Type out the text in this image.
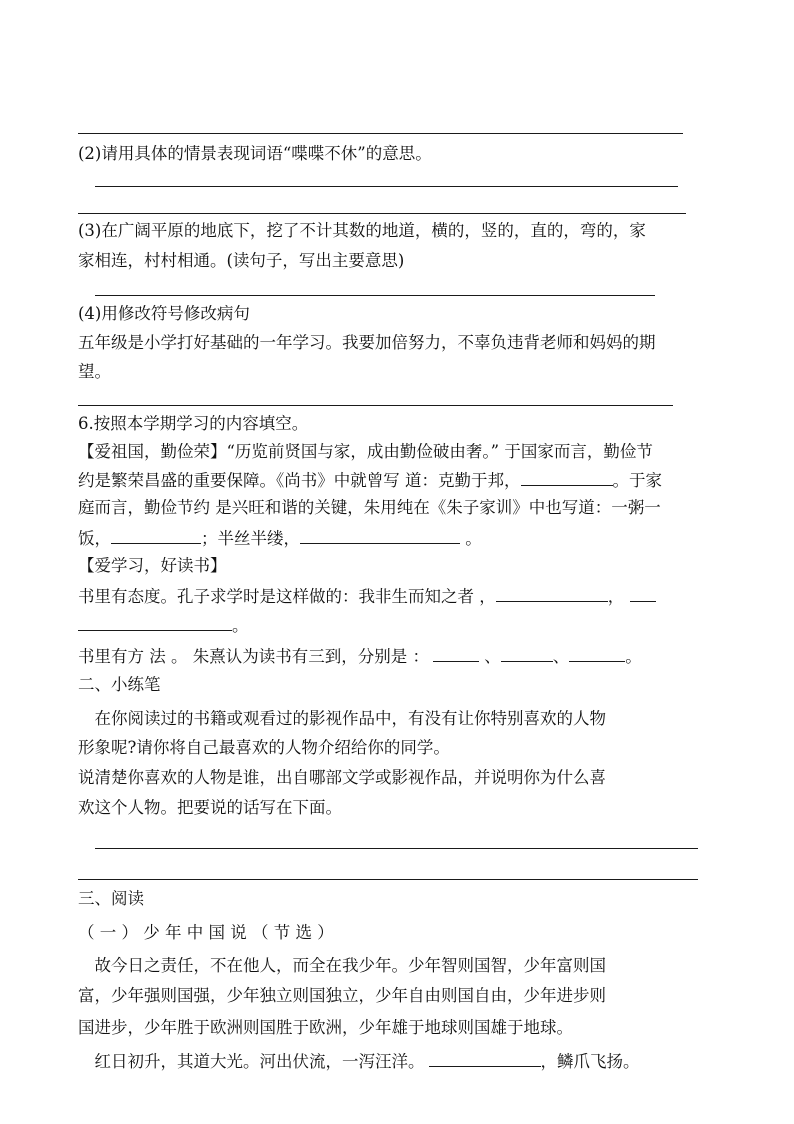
(2)请用具体的情景表现词语“喋喋不休”的意思。
(3)在广阔平原的地底下，挖了不计其数的地道，横的，竖的，直的，弯的，家
家相连，村村相通。(读句子，写出主要意思)
(4)用修改符号修改病句
五年级是小学打好基础的一年学习。我要加倍努力，不辜负违背老师和妈妈的期
望。
6.按照本学期学习的内容填空。
【爱祖国，勤俭荣】“历览前贤国与家，成由勤俭破由奢。” 于国家而言，勤俭节
约是繁荣昌盛的重要保障。《尚书》中就曾写 道：克勤于邦，	。于家
庭而言，勤俭节约 是兴旺和谐的关键，朱用纯在《朱子家训》中也写道：一粥一
饭，	；半丝半缕，	。
【爱学习，好读书】
书里有态度。孔子求学时是这样做的：我非生而知之者 ，	，
。
书里有方 法 。 朱熹认为读书有三到，分别是 ：	、	、	。
二、小练笔
　在你阅读过的书籍或观看过的影视作品中，有没有让你特别喜欢的人物
形象呢?请你将自己最喜欢的人物介绍给你的同学。
说清楚你喜欢的人物是谁，出自哪部文学或影视作品，并说明你为什么喜
欢这个人物。把要说的话写在下面。
三、阅读
（ 一 ） 少 年 中 国 说 （ 节 选 ）
　故今日之责任，不在他人，而全在我少年。少年智则国智，少年富则国
富，少年强则国强，少年独立则国独立，少年自由则国自由，少年进步则
国进步，少年胜于欧洲则国胜于欧洲，少年雄于地球则国雄于地球。
　红日初升，其道大光。河出伏流，一泻汪洋。	，鳞爪飞扬。
